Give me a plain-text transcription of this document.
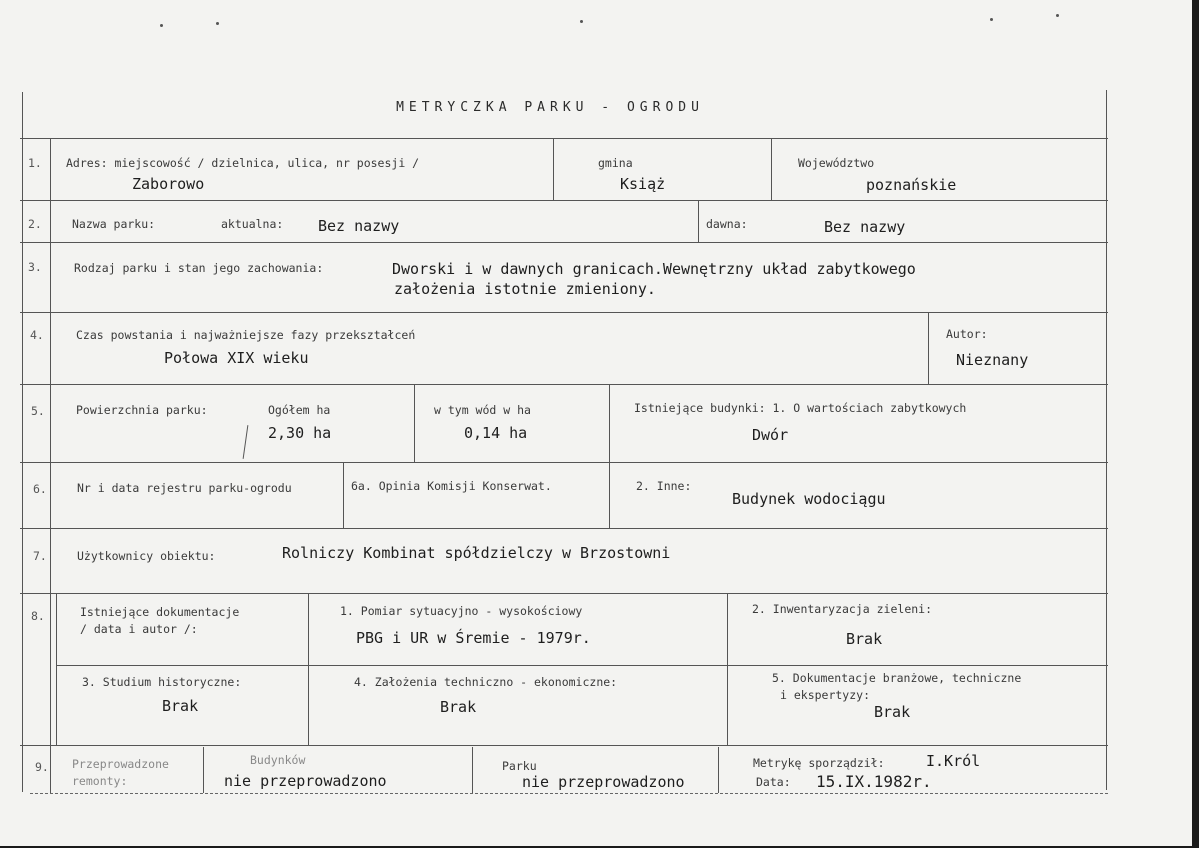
METRYCZKA PARKU - OGRODU
1. Adres: miejscowość / dzielnica, ulica, nr posesji /
Zaborowo
gmina
Książ
Województwo
poznańskie
2.	Nazwa parku:	aktualna: Bez nazwy	dawna:	Bez nazwy
3.	Rodzaj parku i stan jego zachowania:	Dworski i w dawnych granicach.Wewnętrzny układ zabytkowego
założenia istotnie zmieniony.
4.	Czas powstania i najważniejsze fazy przekształceń
Połowa XIX wieku
Autor:
Nieznany
5.	Powierzchnia parku:	Ogółem ha
2,30 ha
w tym wód w ha
0,14 ha
Istniejące budynki: 1. O wartościach zabytkowych
Dwór
6.	Nr i data rejestru parku-ogrodu	6a. Opinia Komisji Konserwat.	2. Inne:
Budynek wodociągu
7.	Użytkownicy obiektu:	Rolniczy Kombinat spółdzielczy w Brzostowni
8.	Istniejące dokumentacje
/ data i autor /:
1. Pomiar sytuacyjno - wysokościowy
PBG i UR w Śremie - 1979r.
2. Inwentaryzacja zieleni:
Brak
3. Studium historyczne:
Brak
4. Założenia techniczno - ekonomiczne:
Brak
5. Dokumentacje branżowe, techniczne
i ekspertyzy:
Brak
9. Przeprowadzone
remonty:
Budynków
nie przeprowadzono
Parku
nie przeprowadzono
Metrykę sporządził:	I.Król
Data: 15.IX.1982r.
